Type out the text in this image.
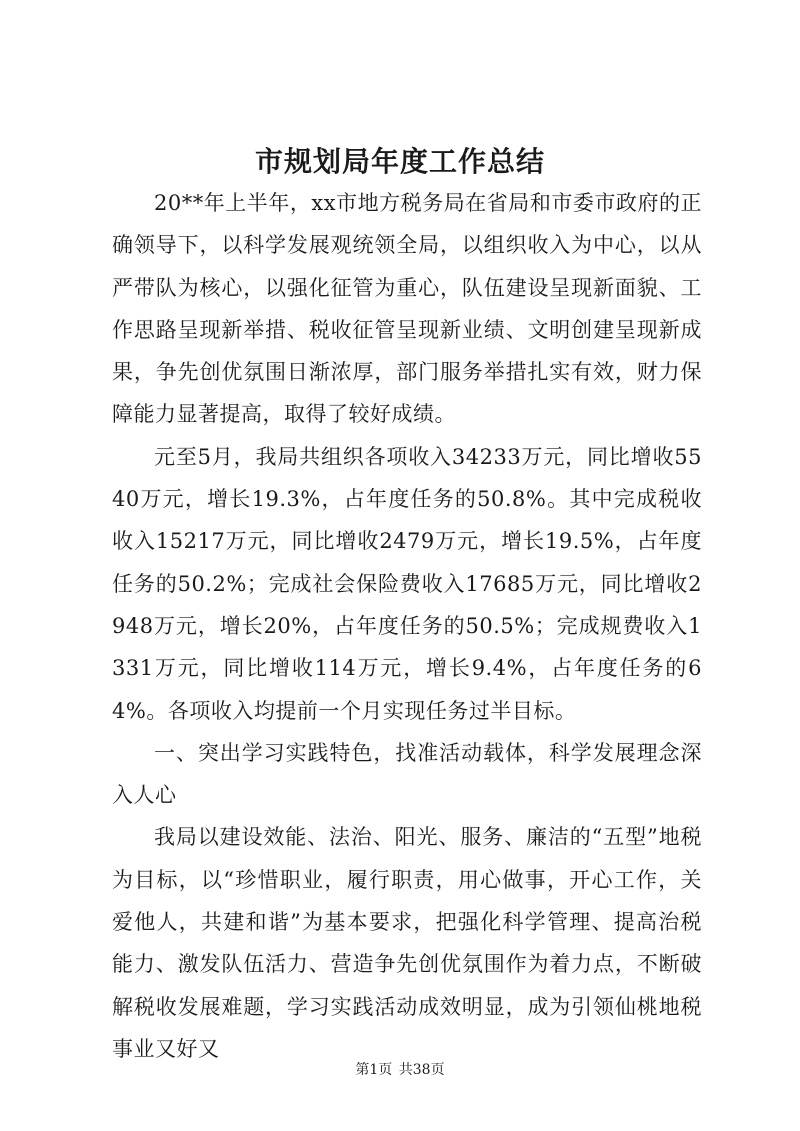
市规划局年度工作总结

20**年上半年，xx市地方税务局在省局和市委市政府的正确领导下，以科学发展观统领全局，以组织收入为中心，以从严带队为核心，以强化征管为重心，队伍建设呈现新面貌、工作思路呈现新举措、税收征管呈现新业绩、文明创建呈现新成果，争先创优氛围日渐浓厚，部门服务举措扎实有效，财力保障能力显著提高，取得了较好成绩。

元至5月，我局共组织各项收入34233万元，同比增收5540万元，增长19.3%，占年度任务的50.8%。其中完成税收收入15217万元，同比增收2479万元，增长19.5%，占年度任务的50.2%；完成社会保险费收入17685万元，同比增收2948万元，增长20%，占年度任务的50.5%；完成规费收入1331万元，同比增收114万元，增长9.4%，占年度任务的64%。各项收入均提前一个月实现任务过半目标。

一、突出学习实践特色，找准活动载体，科学发展理念深入人心

我局以建设效能、法治、阳光、服务、廉洁的“五型”地税为目标，以“珍惜职业，履行职责，用心做事，开心工作，关爱他人，共建和谐”为基本要求，把强化科学管理、提高治税能力、激发队伍活力、营造争先创优氛围作为着力点，不断破解税收发展难题，学习实践活动成效明显，成为引领仙桃地税事业又好又

第1页 共38页
